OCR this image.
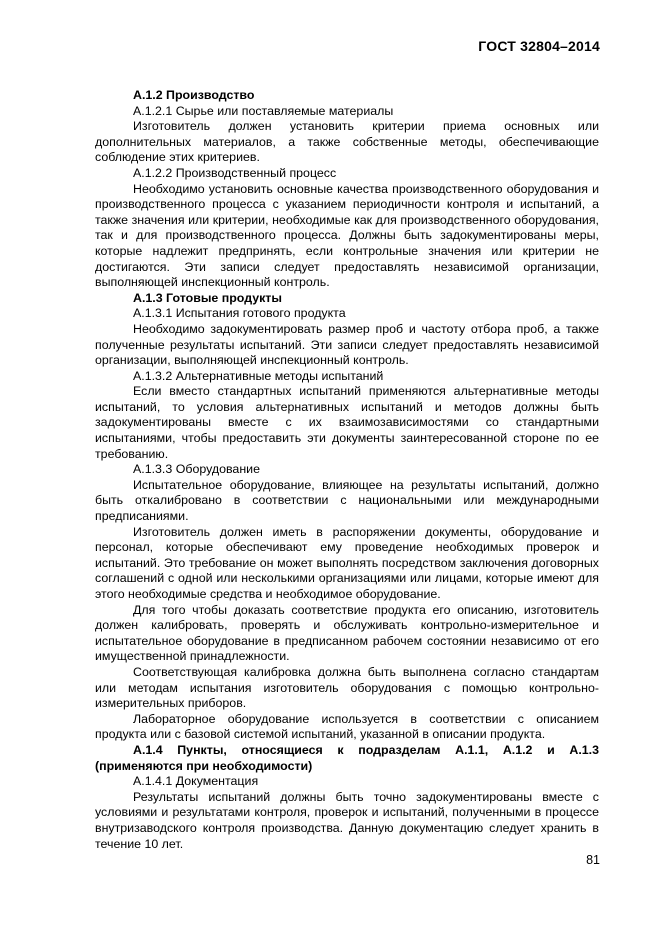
ГОСТ 32804–2014

А.1.2 Производство

А.1.2.1 Сырье или поставляемые материалы

Изготовитель должен установить критерии приема основных или дополнительных материалов, а также собственные методы, обеспечивающие соблюдение этих критериев.

А.1.2.2 Производственный процесс

Необходимо установить основные качества производственного оборудования и производственного процесса с указанием периодичности контроля и испытаний, а также значения или критерии, необходимые как для производственного оборудования, так и для производственного процесса. Должны быть задокументированы меры, которые надлежит предпринять, если контрольные значения или критерии не достигаются. Эти записи следует предоставлять независимой организации, выполняющей инспекционный контроль.

А.1.3 Готовые продукты

А.1.3.1 Испытания готового продукта

Необходимо задокументировать размер проб и частоту отбора проб, а также полученные результаты испытаний. Эти записи следует предоставлять независимой организации, выполняющей инспекционный контроль.

А.1.3.2 Альтернативные методы испытаний

Если вместо стандартных испытаний применяются альтернативные методы испытаний, то условия альтернативных испытаний и методов должны быть задокументированы вместе с их взаимозависимостями со стандартными испытаниями, чтобы предоставить эти документы заинтересованной стороне по ее требованию.

А.1.3.3 Оборудование

Испытательное оборудование, влияющее на результаты испытаний, должно быть откалибровано в соответствии с национальными или международными предписаниями.

Изготовитель должен иметь в распоряжении документы, оборудование и персонал, которые обеспечивают ему проведение необходимых проверок и испытаний. Это требование он может выполнять посредством заключения договорных соглашений с одной или несколькими организациями или лицами, которые имеют для этого необходимые средства и необходимое оборудование.

Для того чтобы доказать соответствие продукта его описанию, изготовитель должен калибровать, проверять и обслуживать контрольно-измерительное и испытательное оборудование в предписанном рабочем состоянии независимо от его имущественной принадлежности.

Соответствующая калибровка должна быть выполнена согласно стандартам или методам испытания изготовитель оборудования с помощью контрольно-измерительных приборов.

Лабораторное оборудование используется в соответствии с описанием продукта или с базовой системой испытаний, указанной в описании продукта.

А.1.4 Пункты, относящиеся к подразделам А.1.1, А.1.2 и А.1.3 (применяются при необходимости)

А.1.4.1 Документация

Результаты испытаний должны быть точно задокументированы вместе с условиями и результатами контроля, проверок и испытаний, полученными в процессе внутризаводского контроля производства. Данную документацию следует хранить в течение 10 лет.

81
